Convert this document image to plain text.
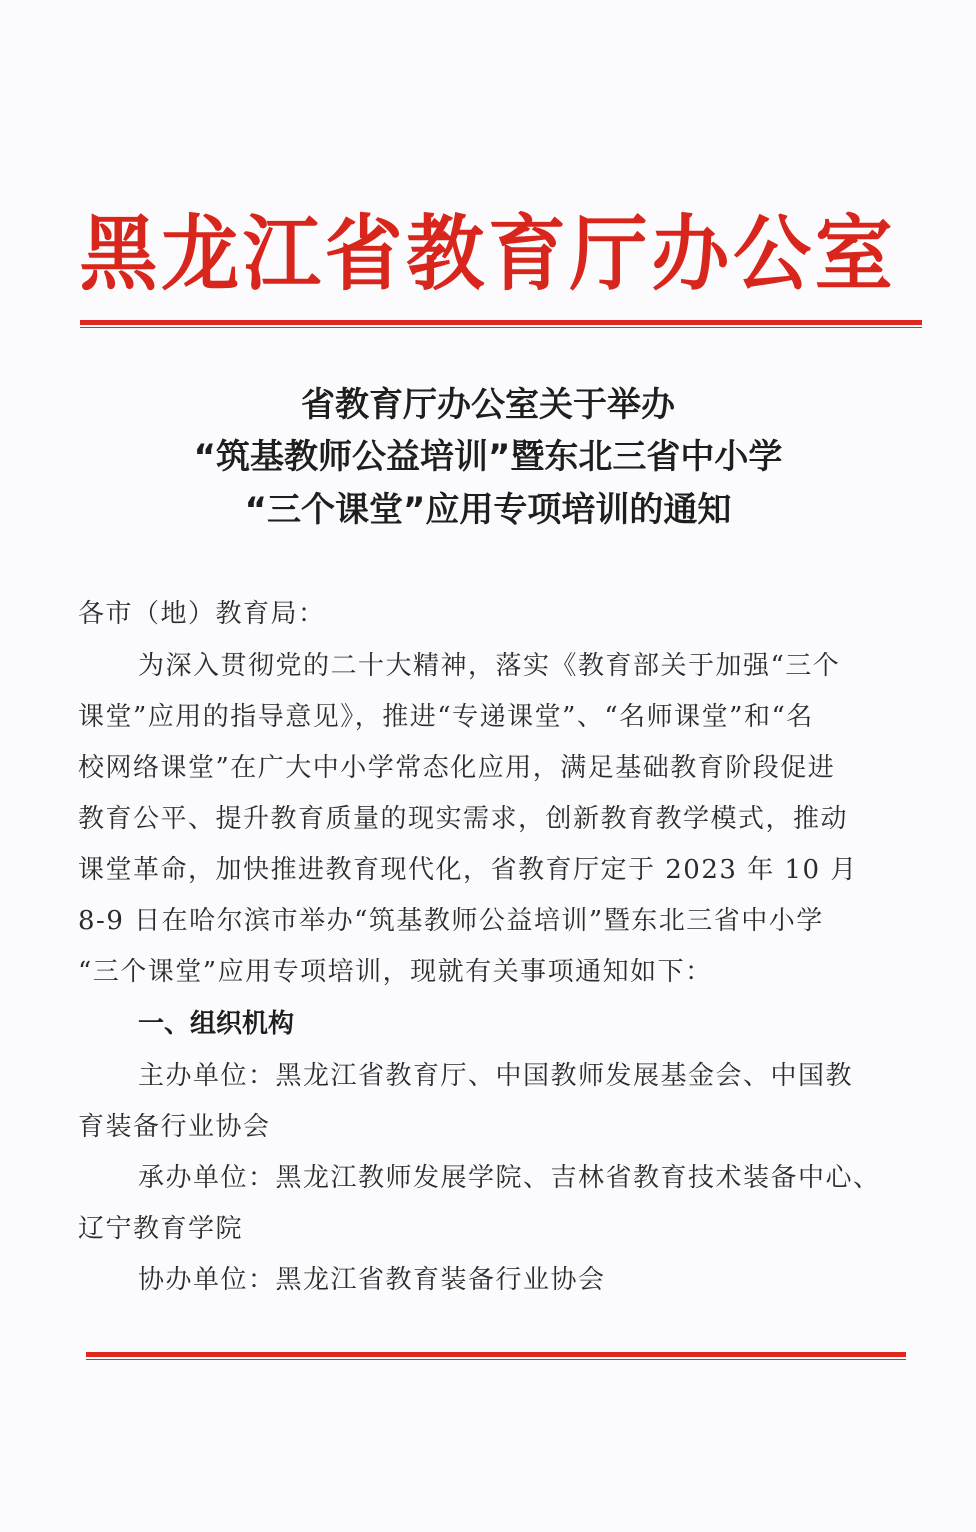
黑龙江省教育厅办公室
省教育厅办公室关于举办
“筑基教师公益培训”暨东北三省中小学
“三个课堂”应用专项培训的通知
各市（地）教育局：
为深入贯彻党的二十大精神，落实《教育部关于加强“三个
课堂”应用的指导意见》，推进“专递课堂”、“名师课堂”和“名
校网络课堂”在广大中小学常态化应用，满足基础教育阶段促进
教育公平、提升教育质量的现实需求，创新教育教学模式，推动
课堂革命，加快推进教育现代化，省教育厅定于 2023 年 10 月
8-9 日在哈尔滨市举办“筑基教师公益培训”暨东北三省中小学
“三个课堂”应用专项培训，现就有关事项通知如下：
一、组织机构
主办单位：黑龙江省教育厅、中国教师发展基金会、中国教
育装备行业协会
承办单位：黑龙江教师发展学院、吉林省教育技术装备中心、
辽宁教育学院
协办单位：黑龙江省教育装备行业协会
